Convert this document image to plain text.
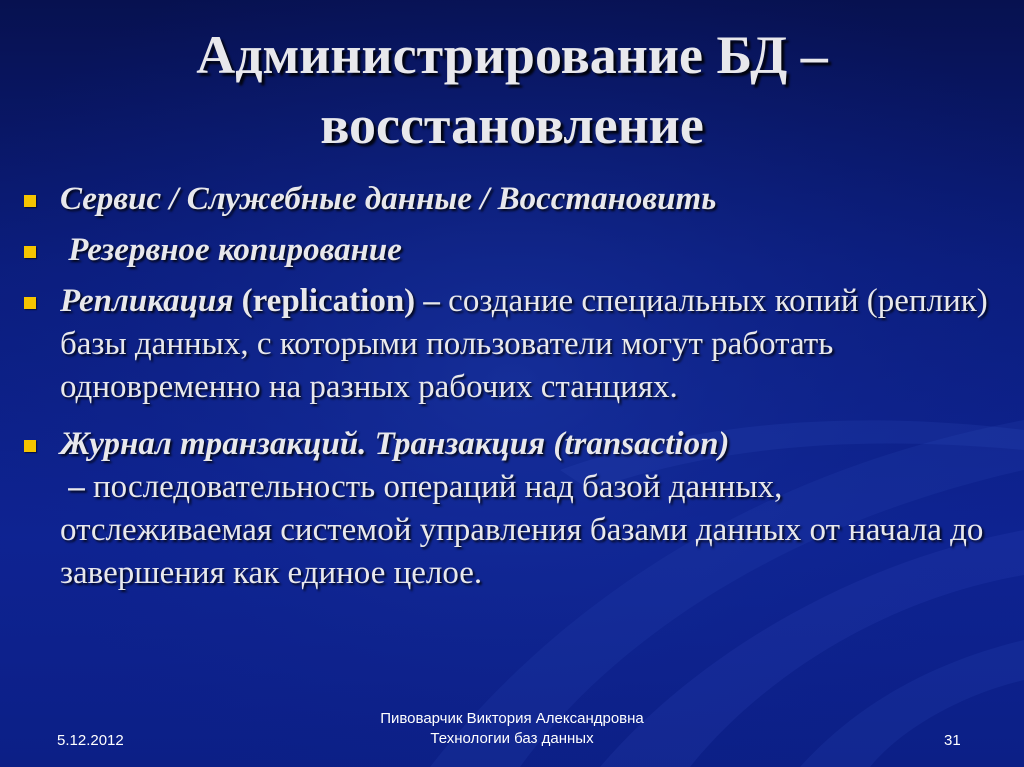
Администрирование БД –
восстановление
Сервис / Служебные данные / Восстановить
Резервное копирование
Репликация (replication) – создание специальных копий (реплик) базы данных, с которыми пользователи могут работать одновременно на разных рабочих станциях.
Журнал транзакций. Транзакция (transaction) – последовательность операций над базой данных, отслеживаемая системой управления базами данных от начала до завершения как единое целое.
5.12.2012
Пивоварчик Виктория Александровна
Технологии баз данных	31
